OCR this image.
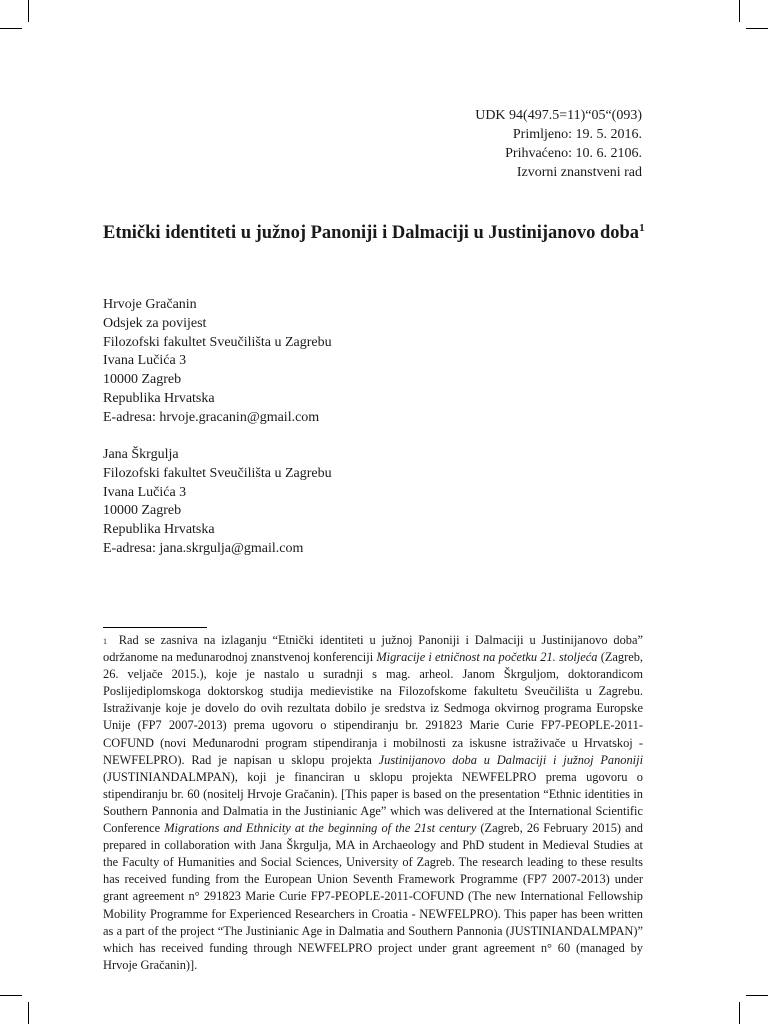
UDK 94(497.5=11)“05“(093)
Primljeno: 19. 5. 2016.
Prihvaćeno: 10. 6. 2106.
Izvorni znanstveni rad
Etnički identiteti u južnoj Panoniji i Dalmaciji u Justinijanovo doba$^1$
Hrvoje Gračanin
Odsjek za povijest
Filozofski fakultet Sveučilišta u Zagrebu
Ivana Lučića 3
10000 Zagreb
Republika Hrvatska
E-adresa: hrvoje.gracanin@gmail.com
Jana Škrgulja
Filozofski fakultet Sveučilišta u Zagrebu
Ivana Lučića 3
10000 Zagreb
Republika Hrvatska
E-adresa: jana.skrgulja@gmail.com
$^1$ Rad se zasniva na izlaganju “Etnički identiteti u južnoj Panoniji i Dalmaciji u Justinijanovo doba” održanome na međunarodnoj znanstvenoj konferenciji Migracije i etničnost na početku 21. stoljeća (Zagreb, 26. veljače 2015.), koje je nastalo u suradnji s mag. arheol. Janom Škrguljom, doktorandicom Poslijediplomskoga doktorskog studija medievistike na Filozofskome fakultetu Sveučilišta u Zagrebu. Istraživanje koje je dovelo do ovih rezultata dobilo je sredstva iz Sedmoga okvirnog programa Europske Unije (FP7 2007-2013) prema ugovoru o stipendiranju br. 291823 Marie Curie FP7-PEOPLE-2011-COFUND (novi Međunarodni program stipendiranja i mobilnosti za iskusne istraživače u Hrvatskoj - NEWFELPRO). Rad je napisan u sklopu projekta Justinijanovo doba u Dalmaciji i južnoj Panoniji (JUSTINIANDALMPAN), koji je financiran u sklopu projekta NEWFELPRO prema ugovoru o stipendiranju br. 60 (nositelj Hrvoje Gračanin). [This paper is based on the presentation “Ethnic identities in Southern Pannonia and Dalmatia in the Justinianic Age” which was delivered at the International Scientific Conference Migrations and Ethnicity at the beginning of the 21st century (Zagreb, 26 February 2015) and prepared in collaboration with Jana Škrgulja, MA in Archaeology and PhD student in Medieval Studies at the Faculty of Humanities and Social Sciences, University of Zagreb. The research leading to these results has received funding from the European Union Seventh Framework Programme (FP7 2007-2013) under grant agreement n° 291823 Marie Curie FP7-PEOPLE-2011-COFUND (The new International Fellowship Mobility Programme for Experienced Researchers in Croatia - NEWFELPRO). This paper has been written as a part of the project “The Justinianic Age in Dalmatia and Southern Pannonia (JUSTINIANDALMPAN)” which has received funding through NEWFELPRO project under grant agreement n° 60 (managed by Hrvoje Gračanin)].
